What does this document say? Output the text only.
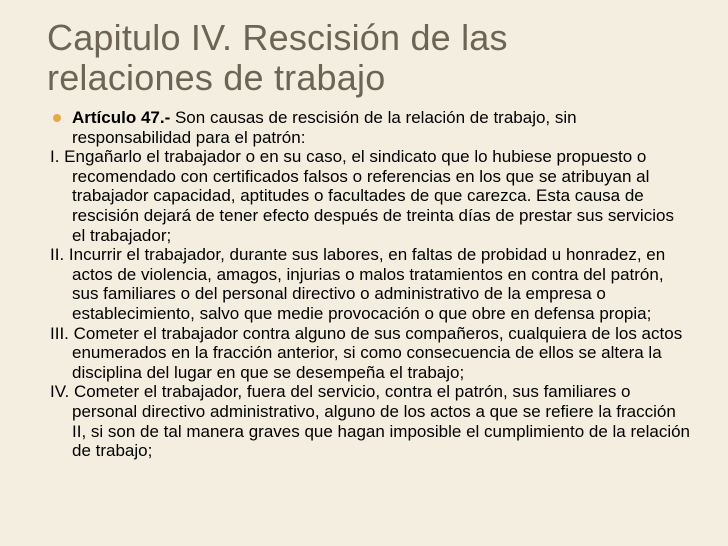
Capitulo IV. Rescisión de las
relaciones de trabajo

Artículo 47.- Son causas de rescisión de la relación de trabajo, sin responsabilidad para el patrón:

I. Engañarlo el trabajador o en su caso, el sindicato que lo hubiese propuesto o recomendado con certificados falsos o referencias en los que se atribuyan al trabajador capacidad, aptitudes o facultades de que carezca. Esta causa de rescisión dejará de tener efecto después de treinta días de prestar sus servicios el trabajador;

II. Incurrir el trabajador, durante sus labores, en faltas de probidad u honradez, en actos de violencia, amagos, injurias o malos tratamientos en contra del patrón, sus familiares o del personal directivo o administrativo de la empresa o establecimiento, salvo que medie provocación o que obre en defensa propia;

III. Cometer el trabajador contra alguno de sus compañeros, cualquiera de los actos enumerados en la fracción anterior, si como consecuencia de ellos se altera la disciplina del lugar en que se desempeña el trabajo;

IV. Cometer el trabajador, fuera del servicio, contra el patrón, sus familiares o personal directivo administrativo, alguno de los actos a que se refiere la fracción II, si son de tal manera graves que hagan imposible el cumplimiento de la relación de trabajo;
